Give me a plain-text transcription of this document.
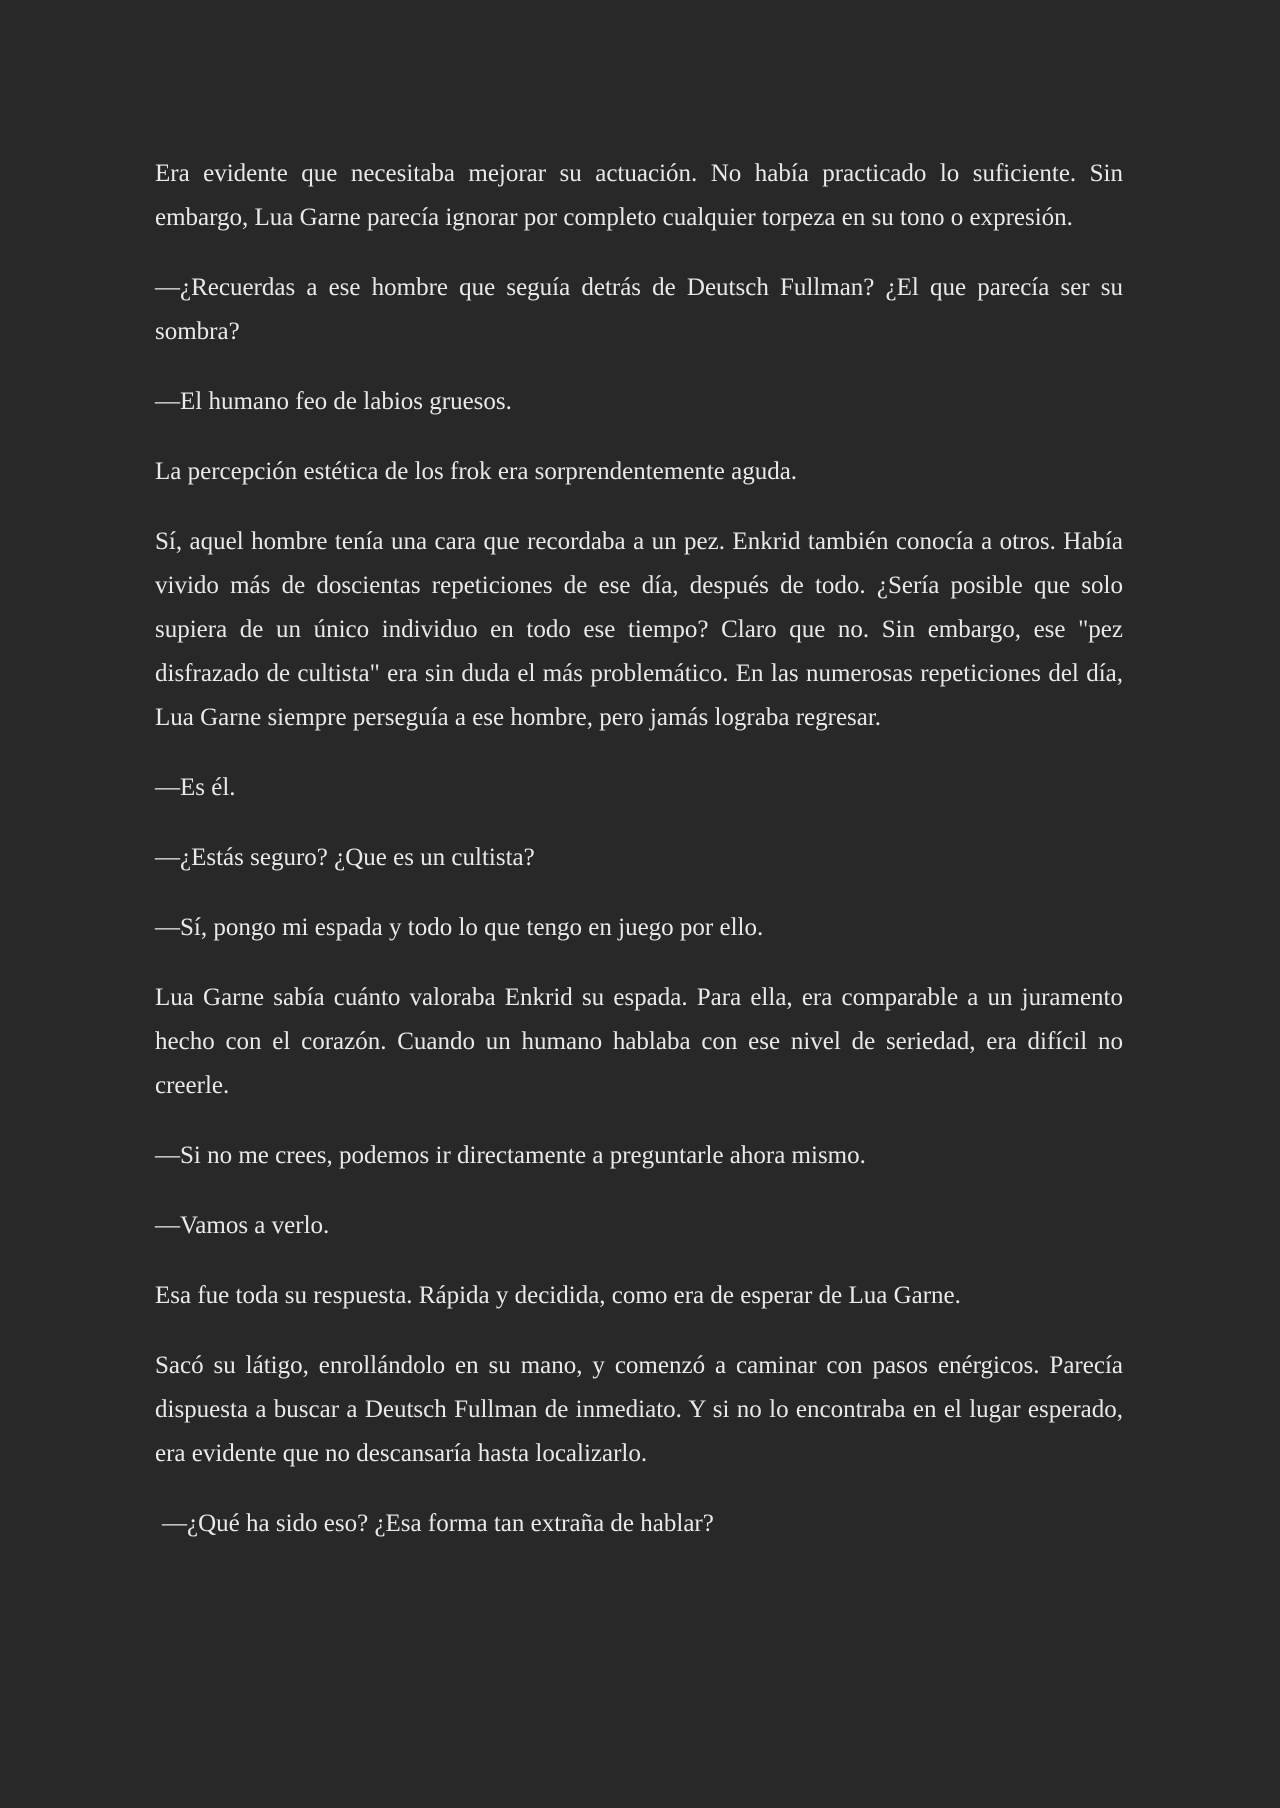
Era evidente que necesitaba mejorar su actuación. No había practicado lo suficiente. Sin embargo, Lua Garne parecía ignorar por completo cualquier torpeza en su tono o expresión.

—¿Recuerdas a ese hombre que seguía detrás de Deutsch Fullman? ¿El que parecía ser su sombra?

—El humano feo de labios gruesos.

La percepción estética de los frok era sorprendentemente aguda.

Sí, aquel hombre tenía una cara que recordaba a un pez. Enkrid también conocía a otros. Había vivido más de doscientas repeticiones de ese día, después de todo. ¿Sería posible que solo supiera de un único individuo en todo ese tiempo? Claro que no. Sin embargo, ese "pez disfrazado de cultista" era sin duda el más problemático. En las numerosas repeticiones del día, Lua Garne siempre perseguía a ese hombre, pero jamás lograba regresar.

—Es él.

—¿Estás seguro? ¿Que es un cultista?

—Sí, pongo mi espada y todo lo que tengo en juego por ello.

Lua Garne sabía cuánto valoraba Enkrid su espada. Para ella, era comparable a un juramento hecho con el corazón. Cuando un humano hablaba con ese nivel de seriedad, era difícil no creerle.

—Si no me crees, podemos ir directamente a preguntarle ahora mismo.

—Vamos a verlo.

Esa fue toda su respuesta. Rápida y decidida, como era de esperar de Lua Garne.

Sacó su látigo, enrollándolo en su mano, y comenzó a caminar con pasos enérgicos. Parecía dispuesta a buscar a Deutsch Fullman de inmediato. Y si no lo encontraba en el lugar esperado, era evidente que no descansaría hasta localizarlo.

—¿Qué ha sido eso? ¿Esa forma tan extraña de hablar?
